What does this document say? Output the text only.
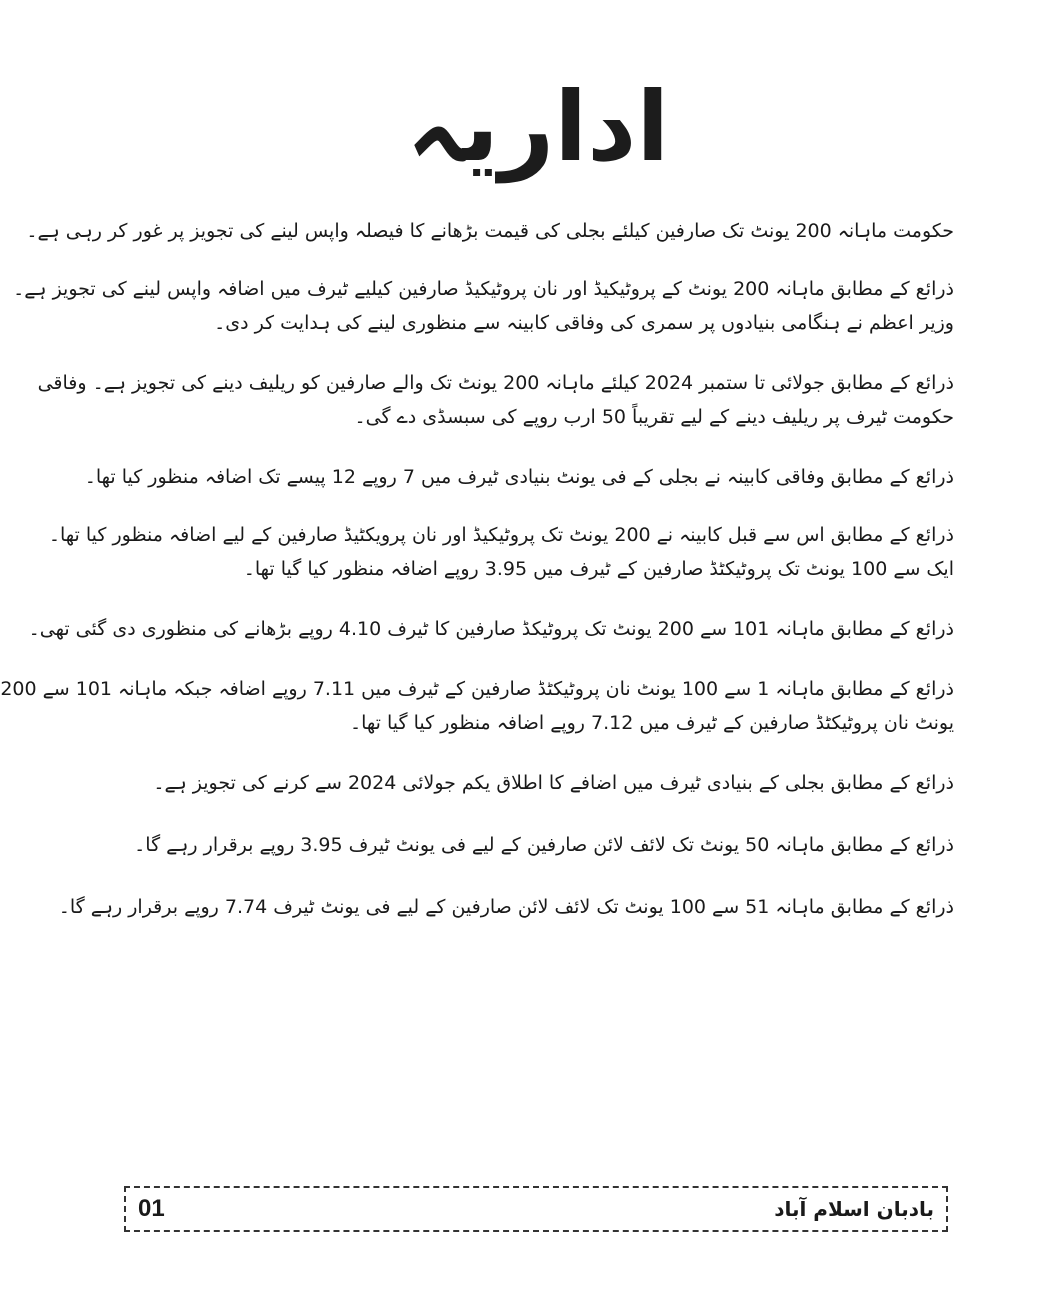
اداریہ

حکومت ماہانہ 200 یونٹ تک صارفین کیلئے بجلی کی قیمت بڑھانے کا فیصلہ واپس لینے کی تجویز پر غور کر رہی ہے۔

ذرائع کے مطابق ماہانہ 200 یونٹ کے پروٹیکیڈ اور نان پروٹیکیڈ صارفین کیلیے ٹیرف میں اضافہ واپس لینے کی تجویز ہے۔
وزیر اعظم نے ہنگامی بنیادوں پر سمری کی وفاقی کابینہ سے منظوری لینے کی ہدایت کر دی۔

ذرائع کے مطابق جولائی تا ستمبر 2024 کیلئے ماہانہ 200 یونٹ تک والے صارفین کو ریلیف دینے کی تجویز ہے۔ وفاقی
حکومت ٹیرف پر ریلیف دینے کے لیے تقریباً 50 ارب روپے کی سبسڈی دے گی۔

ذرائع کے مطابق وفاقی کابینہ نے بجلی کے فی یونٹ بنیادی ٹیرف میں 7 روپے 12 پیسے تک اضافہ منظور کیا تھا۔

ذرائع کے مطابق اس سے قبل کابینہ نے 200 یونٹ تک پروٹیکیڈ اور نان پرویکٹیڈ صارفین کے لیے اضافہ منظور کیا تھا۔
ایک سے 100 یونٹ تک پروٹیکٹڈ صارفین کے ٹیرف میں 3.95 روپے اضافہ منظور کیا گیا تھا۔

ذرائع کے مطابق ماہانہ 101 سے 200 یونٹ تک پروٹیکڈ صارفین کا ٹیرف 4.10 روپے بڑھانے کی منظوری دی گئی تھی۔

ذرائع کے مطابق ماہانہ 1 سے 100 یونٹ نان پروٹیکٹڈ صارفین کے ٹیرف میں 7.11 روپے اضافہ جبکہ ماہانہ 101 سے 200
یونٹ نان پروٹیکٹڈ صارفین کے ٹیرف میں 7.12 روپے اضافہ منظور کیا گیا تھا۔

ذرائع کے مطابق بجلی کے بنیادی ٹیرف میں اضافے کا اطلاق یکم جولائی 2024 سے کرنے کی تجویز ہے۔

ذرائع کے مطابق ماہانہ 50 یونٹ تک لائف لائن صارفین کے لیے فی یونٹ ٹیرف 3.95 روپے برقرار رہے گا۔

ذرائع کے مطابق ماہانہ 51 سے 100 یونٹ تک لائف لائن صارفین کے لیے فی یونٹ ٹیرف 7.74 روپے برقرار رہے گا۔

بادبان اسلام آباد
01
